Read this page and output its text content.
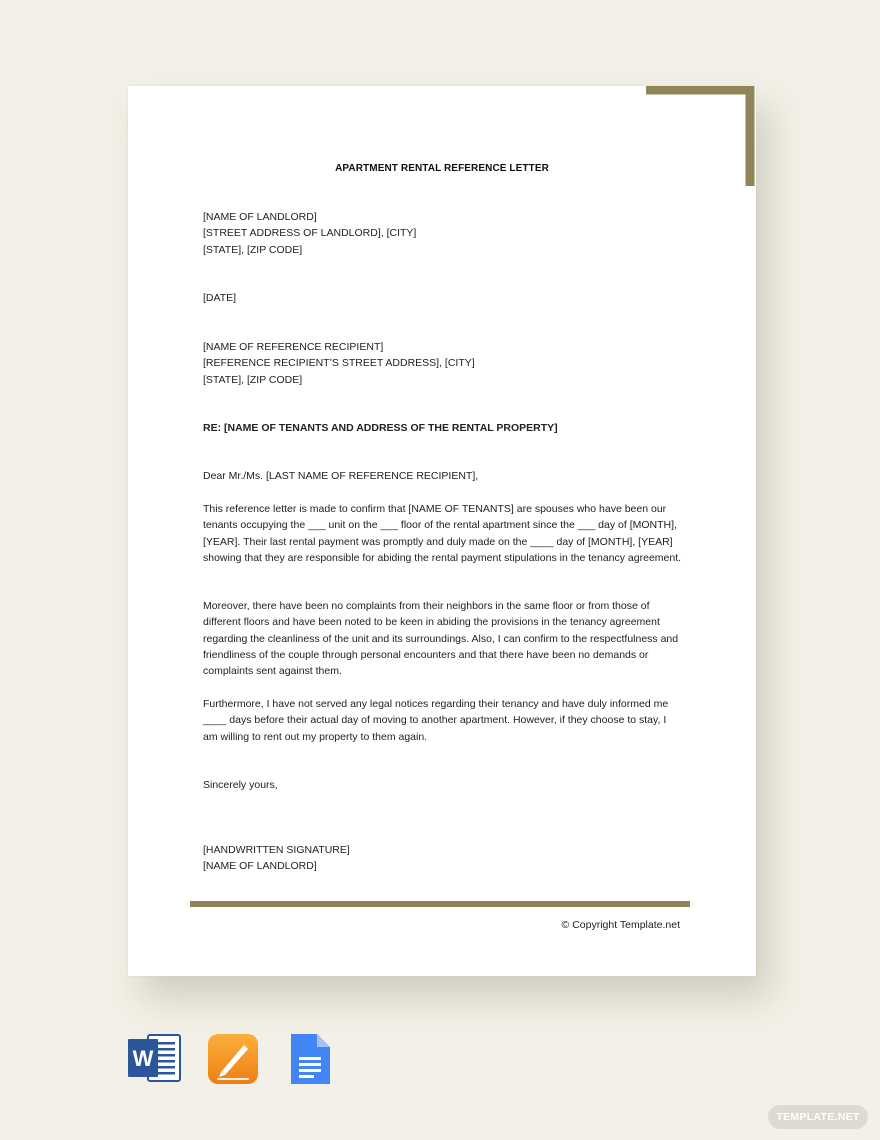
APARTMENT RENTAL REFERENCE LETTER

[NAME OF LANDLORD]

[STREET ADDRESS OF LANDLORD], [CITY]

[STATE], [ZIP CODE]

[DATE]

[NAME OF REFERENCE RECIPIENT]

[REFERENCE RECIPIENT’S STREET ADDRESS], [CITY]

[STATE], [ZIP CODE]

RE: [NAME OF TENANTS AND ADDRESS OF THE RENTAL PROPERTY]
Dear Mr./Ms. [LAST NAME OF REFERENCE RECIPIENT],
This reference letter is made to confirm that [NAME OF TENANTS] are spouses who have been our tenants occupying the ___ unit on the ___ floor of the rental apartment since the ___ day of [MONTH], [YEAR]. Their last rental payment was promptly and duly made on the ____ day of [MONTH], [YEAR] showing that they are responsible for abiding the rental payment stipulations in the tenancy agreement.
Moreover, there have been no complaints from their neighbors in the same floor or from those of different floors and have been noted to be keen in abiding the provisions in the tenancy agreement regarding the cleanliness of the unit and its surroundings. Also, I can confirm to the respectfulness and friendliness of the couple through personal encounters and that there have been no demands or complaints sent against them.
Furthermore, I have not served any legal notices regarding their tenancy and have duly informed me ____ days before their actual day of moving to another apartment. However, if they choose to stay, I am willing to rent out my property to them again.
Sincerely yours,

[HANDWRITTEN SIGNATURE]

[NAME OF LANDLORD]

© Copyright Template.net
W
TEMPLATE.NET
